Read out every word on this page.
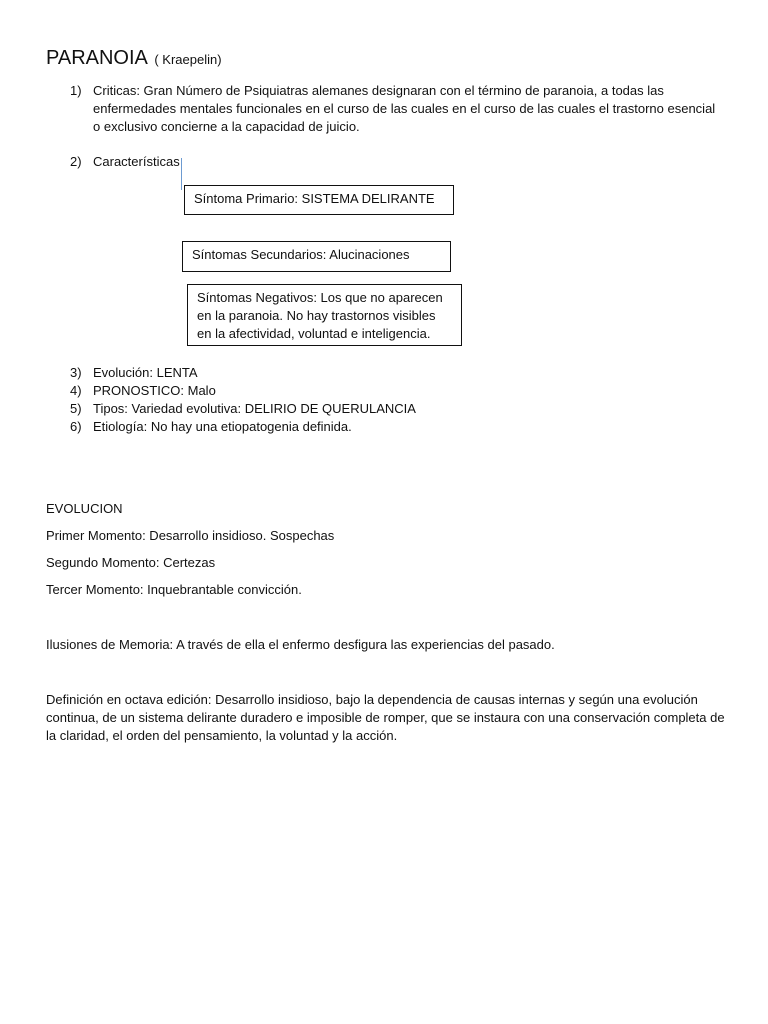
PARANOIA ( Kraepelin)
1) Criticas: Gran Número de Psiquiatras alemanes designaran con el término de paranoia, a todas las enfermedades mentales funcionales en el curso de las cuales en el curso de las cuales el trastorno esencial o exclusivo concierne a la capacidad de juicio.
2) Características
Síntoma Primario: SISTEMA DELIRANTE
Síntomas Secundarios: Alucinaciones
Síntomas Negativos: Los que no aparecen en la paranoia. No hay trastornos visibles en la afectividad, voluntad e inteligencia.
3) Evolución: LENTA
4) PRONOSTICO: Malo
5) Tipos: Variedad evolutiva: DELIRIO DE QUERULANCIA
6) Etiología: No hay una etiopatogenia definida.
EVOLUCION
Primer Momento: Desarrollo insidioso. Sospechas
Segundo Momento: Certezas
Tercer Momento: Inquebrantable convicción.
Ilusiones de Memoria: A través de ella el enfermo desfigura las experiencias del pasado.
Definición en octava edición: Desarrollo insidioso, bajo la dependencia de causas internas y según una evolución continua, de un sistema delirante duradero e imposible de romper, que se instaura con una conservación completa de la claridad, el orden del pensamiento, la voluntad y la acción.
